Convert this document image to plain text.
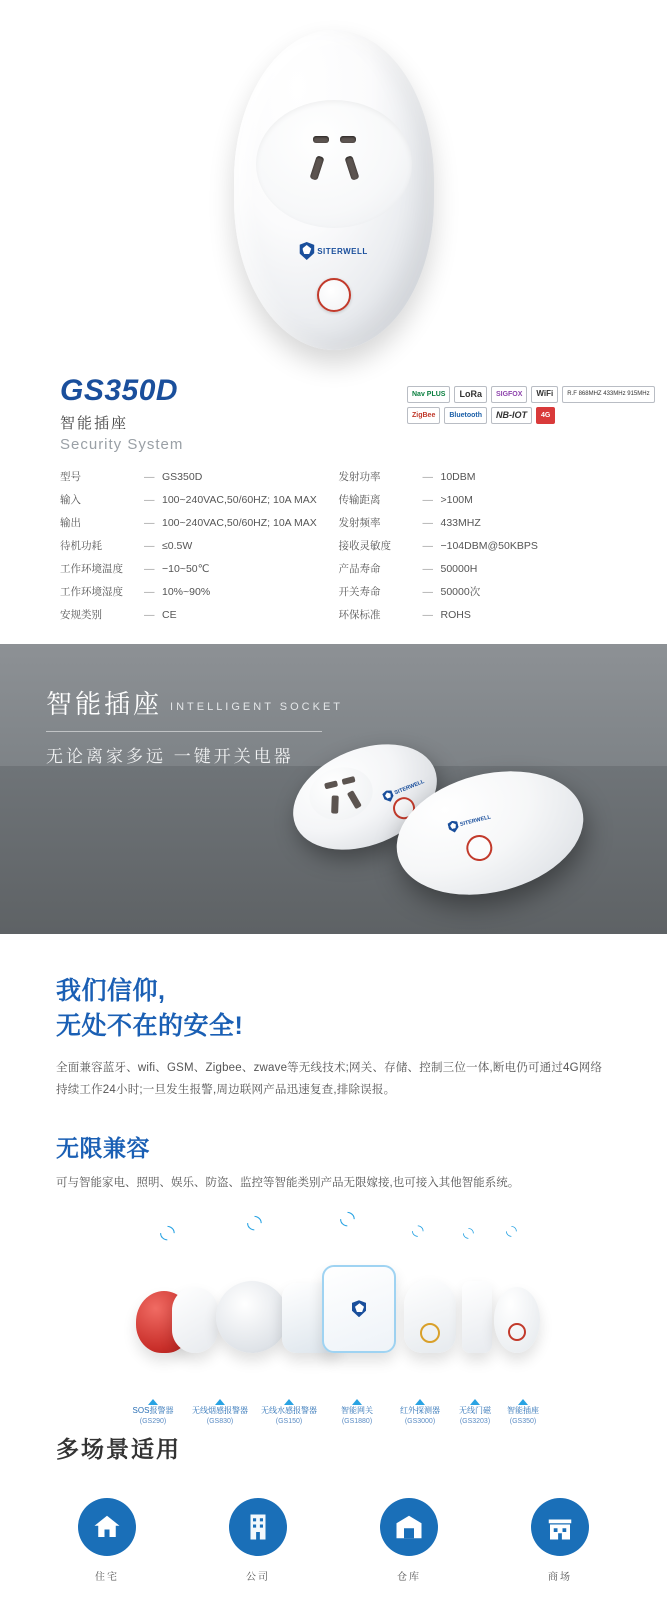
SITERWELL
GS350D
智能插座
Security System
Nav PLUS	LoRa	SIGFOX	WiFi	R.F 868MHZ 433MHz 915MHz
ZigBee	Bluetooth	NB-IOT	4G
型号	— GS350D
输入	— 100~240VAC,50/60HZ; 10A MAX
输出	— 100~240VAC,50/60HZ; 10A MAX
待机功耗	— ≤0.5W
工作环境温度	— −10~50℃
工作环境湿度	— 10%~90%
安规类别	— CE
发射功率	— 10DBM
传输距离	— >100M
发射频率	— 433MHZ
接收灵敏度	— −104DBM@50KBPS
产品寿命	— 50000H
开关寿命	— 50000次
环保标准	— ROHS
智能插座 INTELLIGENT SOCKET
无论离家多远 一键开关电器
SITERWELL
SITERWELL
我们信仰,
无处不在的安全!

全面兼容蓝牙、wifi、GSM、Zigbee、zwave等无线技术;网关、存储、控制三位一体,断电仍可通过4G网络持续工作24小时;一旦发生报警,周边联网产品迅速复查,排除误报。

无限兼容
可与智能家电、照明、娱乐、防盗、监控等智能类别产品无限嫁接,也可接入其他智能系统。
◟◝	◟◝	◟◝
◟◝	◟◝ ◟◝
SOS报警器
(GS290)
无线烟感报警器
(GS830)
无线水感报警器
(GS150)
智能网关
(GS1880)
红外探测器
(GS3000)
无线门磁
(GS3203)
智能插座
(GS350)
多场景适用
住宅	公司	仓库	商场
